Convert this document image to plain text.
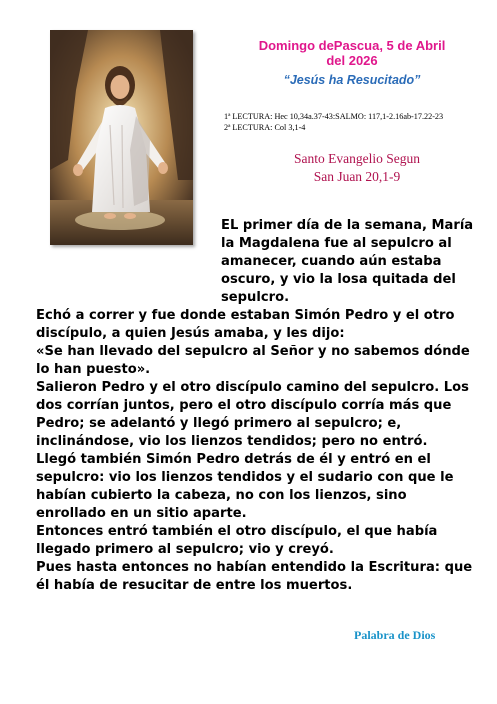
Domingo dePascua, 5 de Abril del 2026
“Jesús ha Resucitado”
1ª LECTURA: Hec 10,34a.37-43:SALMO: 117,1-2.16ab-17.22-23
2ª LECTURA: Col 3,1-4
Santo Evangelio Segun
San Juan 20,1-9

EL primer día de la semana, María la Magdalena fue al sepulcro al amanecer, cuando aún estaba oscuro, y vio la losa quitada del sepulcro.

Echó a correr y fue donde estaban Simón Pedro y el otro discípulo, a quien Jesús amaba, y les dijo:

«Se han llevado del sepulcro al Señor y no sabemos dónde lo han puesto».

Salieron Pedro y el otro discípulo camino del sepulcro. Los dos corrían juntos, pero el otro discípulo corría más que Pedro; se adelantó y llegó primero al sepulcro; e, inclinándose, vio los lienzos tendidos; pero no entró.

Llegó también Simón Pedro detrás de él y entró en el sepulcro: vio los lienzos tendidos y el sudario con que le habían cubierto la cabeza, no con los lienzos, sino enrollado en un sitio aparte.

Entonces entró también el otro discípulo, el que había llegado primero al sepulcro; vio y creyó.

Pues hasta entonces no habían entendido la Escritura: que él había de resucitar de entre los muertos.

Palabra de Dios
